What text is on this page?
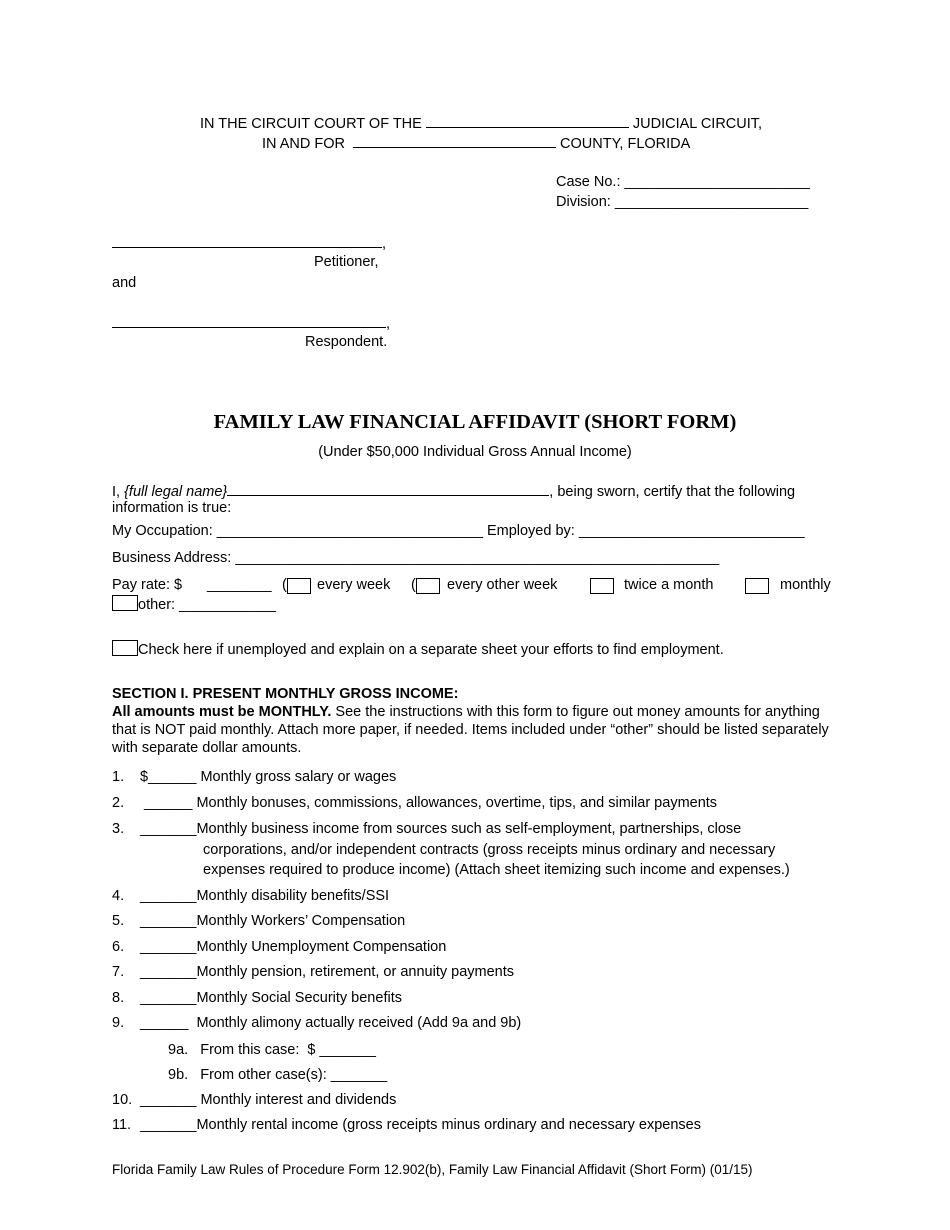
IN THE CIRCUIT COURT OF THE	JUDICIAL CIRCUIT,
IN AND FOR	COUNTY, FLORIDA
Case No.: _______________________
Division: ________________________
,
Petitioner,
and
,
Respondent.
FAMILY LAW FINANCIAL AFFIDAVIT (SHORT FORM)
(Under $50,000 Individual Gross Annual Income)
I, {full legal name}	, being sworn, certify that the following
information is true:
My Occupation: _________________________________ Employed by: ____________________________
Business Address: ____________________________________________________________
Pay rate: $ ________ ( every week ( every other week	twice a month	monthly
other: ____________
Check here if unemployed and explain on a separate sheet your efforts to find employment.
SECTION I. PRESENT MONTHLY GROSS INCOME:
All amounts must be MONTHLY. See the instructions with this form to figure out money amounts for anything that is NOT paid monthly. Attach more paper, if needed. Items included under “other” should be listed separately with separate dollar amounts.
1. $______ Monthly gross salary or wages
2. ______ Monthly bonuses, commissions, allowances, overtime, tips, and similar payments
3. _______Monthly business income from sources such as self-employment, partnerships, close
corporations, and/or independent contracts (gross receipts minus ordinary and necessary
expenses required to produce income) (Attach sheet itemizing such income and expenses.)
4. _______Monthly disability benefits/SSI
5. _______Monthly Workers’ Compensation
6. _______Monthly Unemployment Compensation
7. _______Monthly pension, retirement, or annuity payments
8. _______Monthly Social Security benefits
9. ______  Monthly alimony actually received (Add 9a and 9b)
9a.   From this case:  $ _______
9b.   From other case(s): _______
10. _______ Monthly interest and dividends
11. _______Monthly rental income (gross receipts minus ordinary and necessary expenses
Florida Family Law Rules of Procedure Form 12.902(b), Family Law Financial Affidavit (Short Form) (01/15)
